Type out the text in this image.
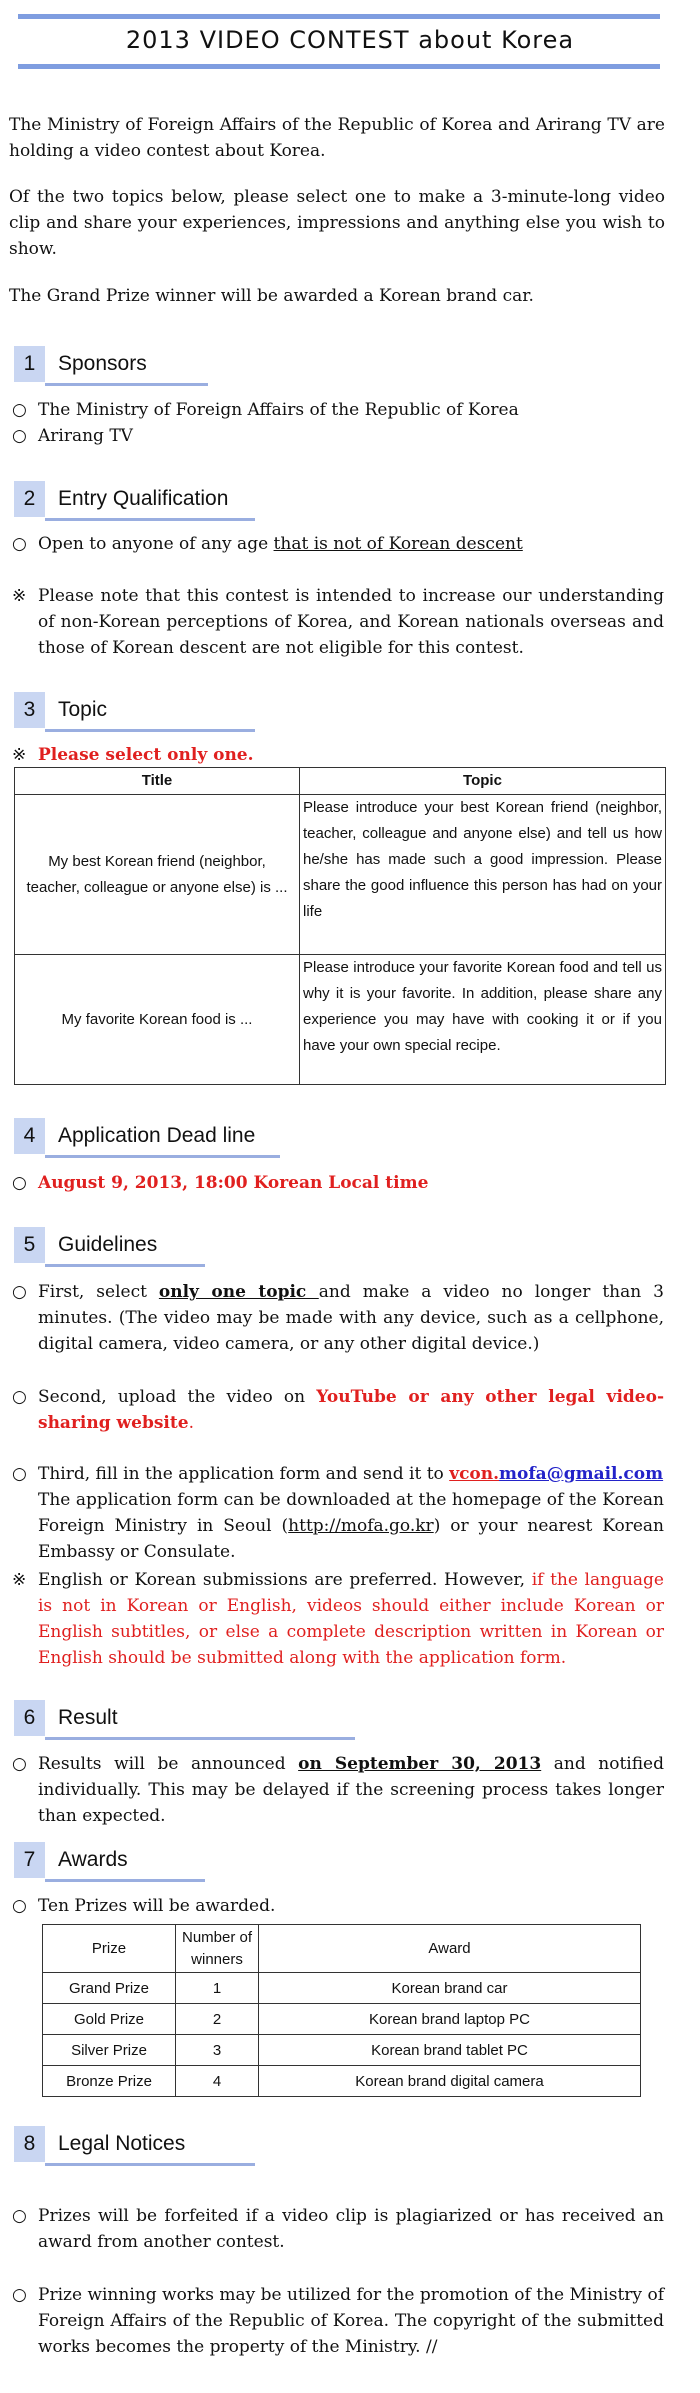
2013 VIDEO CONTEST about Korea
The Ministry of Foreign Affairs of the Republic of Korea and Arirang TV are holding a video contest about Korea.
Of the two topics below, please select one to make a 3-minute-long video clip and share your experiences, impressions and anything else you wish to show.
The Grand Prize winner will be awarded a Korean brand car.
1	Sponsors
○ The Ministry of Foreign Affairs of the Republic of Korea
○ Arirang TV
2	Entry Qualification
○ Open to anyone of any age that is not of Korean descent
※ Please note that this contest is intended to increase our understanding of non-Korean perceptions of Korea, and Korean nationals overseas and those of Korean descent are not eligible for this contest.
3	Topic
※ Please select only one.
Title	Topic
My best Korean friend (neighbor, teacher, colleague or anyone else) is ...	Please introduce your best Korean friend (neighbor, teacher, colleague and anyone else) and tell us how he/she has made such a good impression. Please share the good influence this person has had on your life
My favorite Korean food is ...	Please introduce your favorite Korean food and tell us why it is your favorite. In addition, please share any experience you may have with cooking it or if you have your own special recipe.
4	Application Dead line
○ August 9, 2013, 18:00 Korean Local time
5	Guidelines
○ First, select only one topic and make a video no longer than 3 minutes. (The video may be made with any device, such as a cellphone, digital camera, video camera, or any other digital device.)
○ Second, upload the video on YouTube or any other legal video-sharing website.
○ Third, fill in the application form and send it to vcon.mofa@gmail.com
The application form can be downloaded at the homepage of the Korean Foreign Ministry in Seoul (http://mofa.go.kr) or your nearest Korean Embassy or Consulate.
※ English or Korean submissions are preferred. However, if the language is not in Korean or English, videos should either include Korean or English subtitles, or else a complete description written in Korean or English should be submitted along with the application form.
6	Result
○ Results will be announced on September 30, 2013 and notified individually. This may be delayed if the screening process takes longer than expected.
7	Awards
○ Ten Prizes will be awarded.
Prize	Number of winners	Award
Grand Prize	1	Korean brand car
Gold Prize	2	Korean brand laptop PC
Silver Prize	3	Korean brand tablet PC
Bronze Prize	4	Korean brand digital camera
8	Legal Notices
○ Prizes will be forfeited if a video clip is plagiarized or has received an award from another contest.
○ Prize winning works may be utilized for the promotion of the Ministry of Foreign Affairs of the Republic of Korea. The copyright of the submitted works becomes the property of the Ministry. //
